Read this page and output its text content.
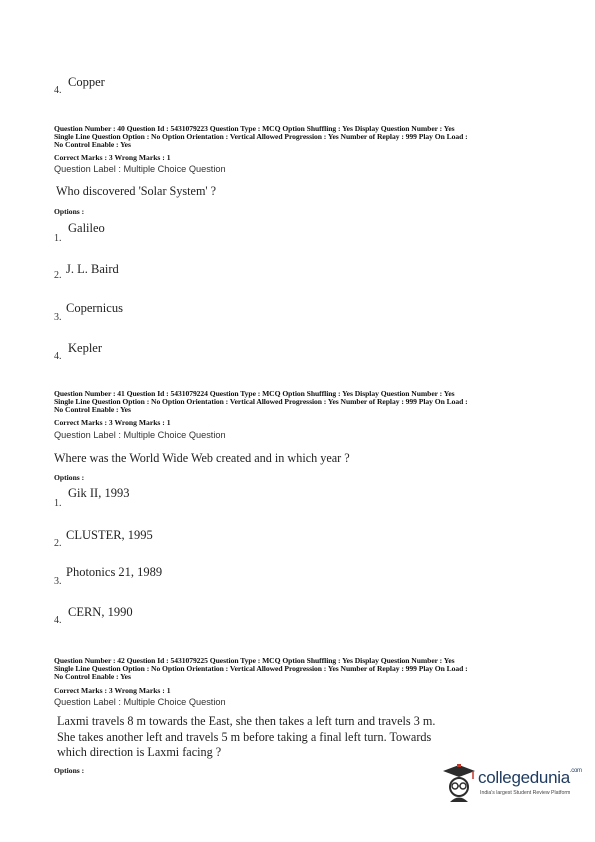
4.
Copper
Question Number : 40 Question Id : 5431079223 Question Type : MCQ Option Shuffling : Yes Display Question Number : Yes
Single Line Question Option : No Option Orientation : Vertical Allowed Progression : Yes Number of Replay : 999 Play On Load :
No Control Enable : Yes
Correct Marks : 3 Wrong Marks : 1
Question Label : Multiple Choice Question
Who discovered 'Solar System' ?
Options :
1.
Galileo
2. J. L. Baird
3.
Copernicus
4.
Kepler
Question Number : 41 Question Id : 5431079224 Question Type : MCQ Option Shuffling : Yes Display Question Number : Yes
Single Line Question Option : No Option Orientation : Vertical Allowed Progression : Yes Number of Replay : 999 Play On Load :
No Control Enable : Yes
Correct Marks : 3 Wrong Marks : 1
Question Label : Multiple Choice Question
Where was the World Wide Web created and in which year ?
Options :
1.
Gik II, 1993
2.
CLUSTER, 1995
3.
Photonics 21, 1989
4.
CERN, 1990
Question Number : 42 Question Id : 5431079225 Question Type : MCQ Option Shuffling : Yes Display Question Number : Yes
Single Line Question Option : No Option Orientation : Vertical Allowed Progression : Yes Number of Replay : 999 Play On Load :
No Control Enable : Yes
Correct Marks : 3 Wrong Marks : 1
Question Label : Multiple Choice Question
Laxmi travels 8 m towards the East, she then takes a left turn and travels 3 m.
She takes another left and travels 5 m before taking a final left turn. Towards
which direction is Laxmi facing ?
Options :	collegedunia$^{.com}$
India's largest Student Review Platform
